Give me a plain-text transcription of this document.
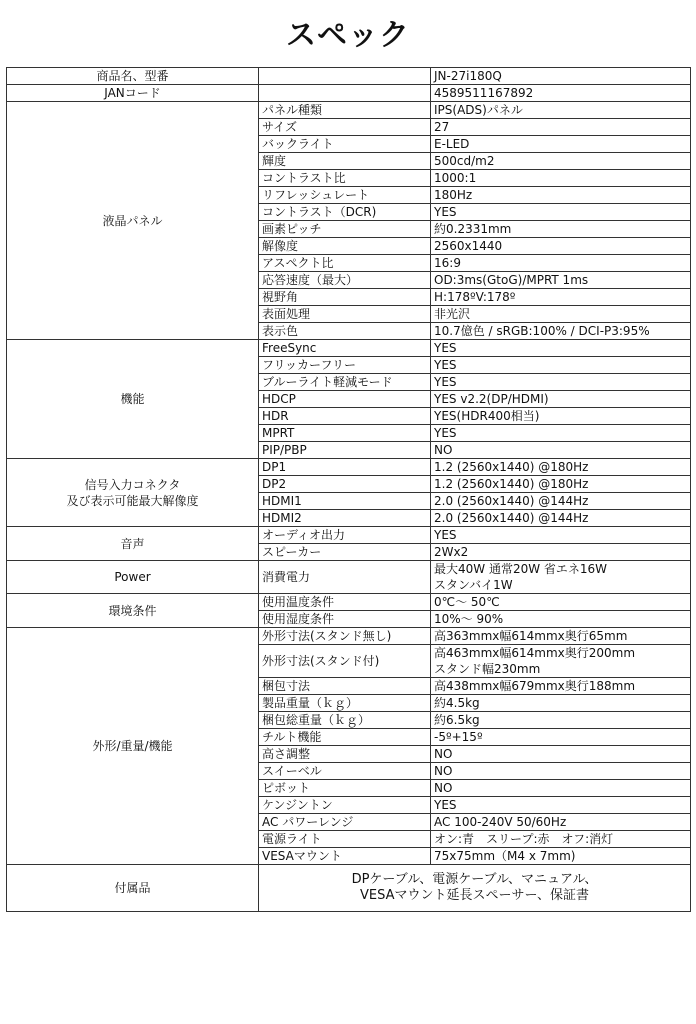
スペック
商品名、型番		JN-27i180Q
JANコード		4589511167892
液晶パネル	パネル種類	IPS(ADS)パネル
	サイズ	27
	バックライト	E-LED
	輝度	500cd/m2
	コントラスト比	1000:1
	リフレッシュレート	180Hz
	コントラスト（DCR)	YES
	画素ピッチ	約0.2331mm
	解像度	2560x1440
	アスペクト比	16:9
	応答速度（最大）	OD:3ms(GtoG)/MPRT 1ms
	視野角	H:178ºV:178º
	表面処理	非光沢
	表示色	10.7億色 / sRGB:100% / DCI-P3:95%
機能	FreeSync	YES
	フリッカーフリー	YES
	ブルーライト軽減モード	YES
	HDCP	YES v2.2(DP/HDMI)
	HDR	YES(HDR400相当)
	MPRT	YES
	PIP/PBP	NO

信号入力コネクタ
及び表示可能最大解像度	DP1	1.2 (2560x1440) @180Hz
	DP2	1.2 (2560x1440) @180Hz
	HDMI1	2.0 (2560x1440) @144Hz
	HDMI2	2.0 (2560x1440) @144Hz
音声	オーディオ出力	YES
	スピーカー	2Wx2
Power	消費電力	最大40W 通常20W 省エネ16W
スタンバイ1W

環境条件	使用温度条件	0℃～ 50℃
	使用湿度条件	10%～ 90%
外形/重量/機能	外形寸法(スタンド無し)	高363mmx幅614mmx奥行65mm
	外形寸法(スタンド付)	高463mmx幅614mmx奥行200mm
スタンド幅230mm

	梱包寸法	高438mmx幅679mmx奥行188mm
	製品重量（ｋｇ）	約4.5kg
	梱包総重量（ｋｇ）	約6.5kg
	チルト機能	-5º+15º
	高さ調整	NO
	スイーベル	NO
	ピボット	NO
	ケンジントン	YES
	AC パワーレンジ	AC 100-240V 50/60Hz
	電源ライト	オン:青　スリープ:赤　オフ:消灯
	VESAマウント	75x75mm（M4 x 7mm)
付属品	DPケーブル、電源ケーブル、マニュアル、
VESAマウント延長スペーサー、保証書	
